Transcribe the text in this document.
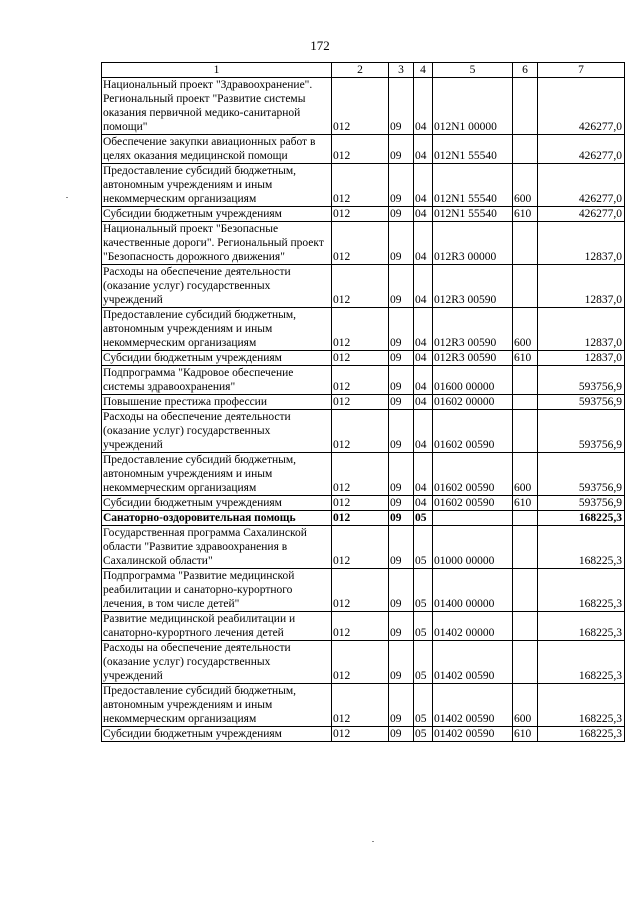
172
1	2	3	4	5	6	7
Национальный проект "Здравоохранение". Региональный проект "Развитие системы оказания первичной медико-санитарной помощи"	012	09	04	012N1 00000		426277,0
Обеспечение закупки авиационных работ в целях оказания медицинской помощи	012	09	04	012N1 55540		426277,0
Предоставление субсидий бюджетным, автономным учреждениям и иным некоммерческим организациям	012	09	04	012N1 55540	600	426277,0
Субсидии бюджетным учреждениям	012	09	04	012N1 55540	610	426277,0
Национальный проект "Безопасные качественные дороги". Региональный проект "Безопасность дорожного движения"	012	09	04	012R3 00000		12837,0
Расходы на обеспечение деятельности (оказание услуг) государственных учреждений	012	09	04	012R3 00590		12837,0
Предоставление субсидий бюджетным, автономным учреждениям и иным некоммерческим организациям	012	09	04	012R3 00590	600	12837,0
Субсидии бюджетным учреждениям	012	09	04	012R3 00590	610	12837,0
Подпрограмма "Кадровое обеспечение системы здравоохранения"	012	09	04	01600 00000		593756,9
Повышение престижа профессии	012	09	04	01602 00000		593756,9
Расходы на обеспечение деятельности (оказание услуг) государственных учреждений	012	09	04	01602 00590		593756,9
Предоставление субсидий бюджетным, автономным учреждениям и иным некоммерческим организациям	012	09	04	01602 00590	600	593756,9
Субсидии бюджетным учреждениям	012	09	04	01602 00590	610	593756,9
Санаторно-оздоровительная помощь	012	09	05			168225,3
Государственная программа Сахалинской области "Развитие здравоохранения в Сахалинской области"	012	09	05	01000 00000		168225,3
Подпрограмма "Развитие медицинской реабилитации и санаторно-курортного лечения, в том числе детей"	012	09	05	01400 00000		168225,3
Развитие медицинской реабилитации и санаторно-курортного лечения детей	012	09	05	01402 00000		168225,3
Расходы на обеспечение деятельности (оказание услуг) государственных учреждений	012	09	05	01402 00590		168225,3
Предоставление субсидий бюджетным, автономным учреждениям и иным некоммерческим организациям	012	09	05	01402 00590	600	168225,3
Субсидии бюджетным учреждениям	012	09	05	01402 00590	610	168225,3
